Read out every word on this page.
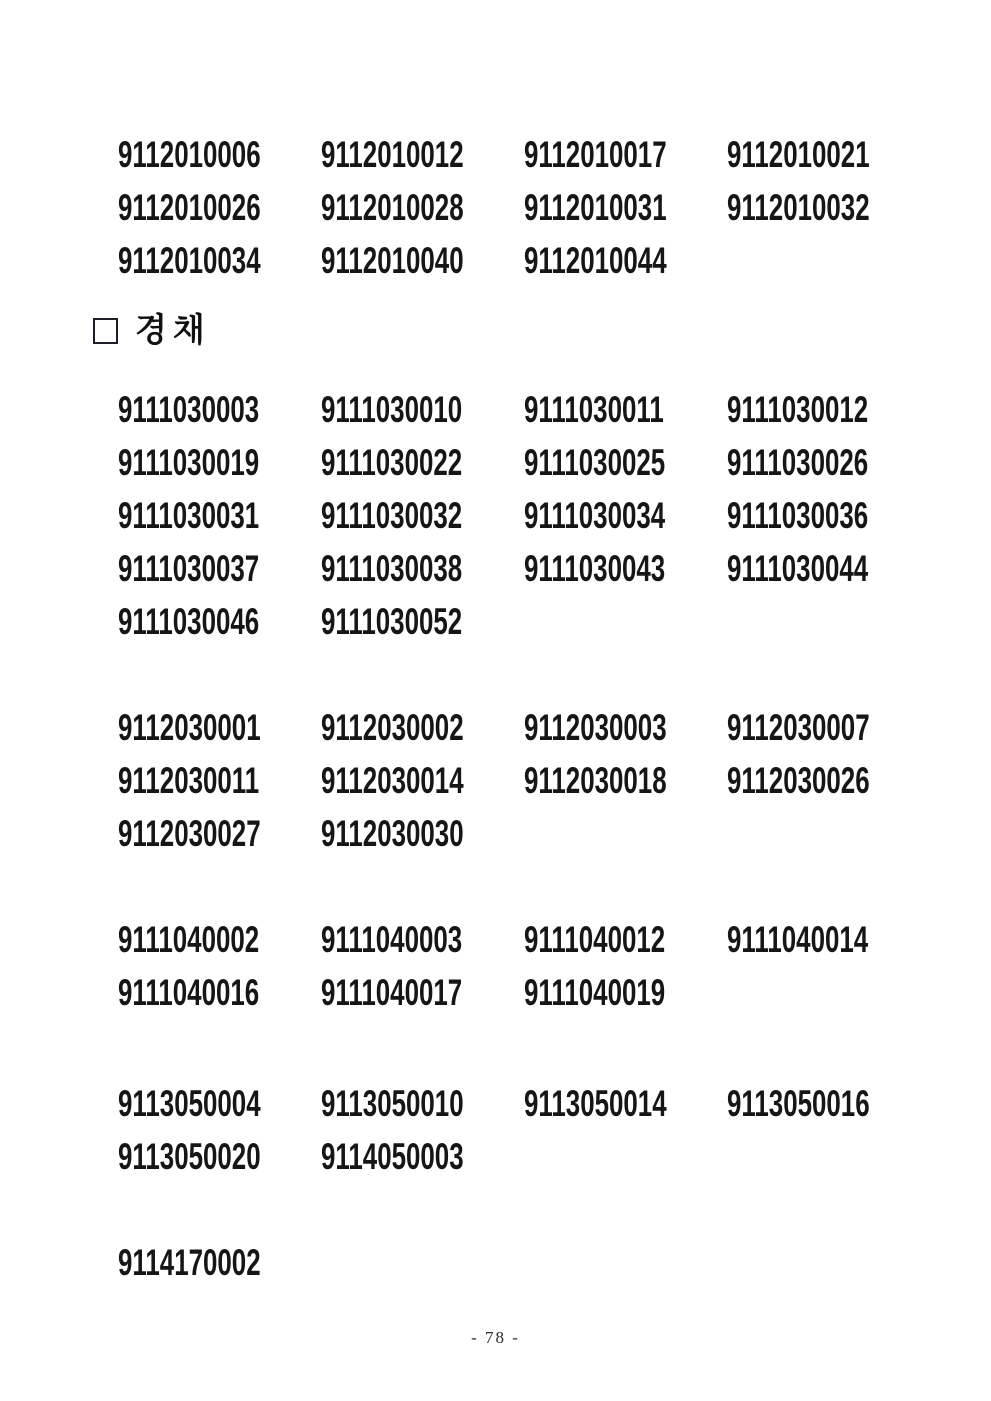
9112010006 9112010012 9112010017 9112010021
9112010026 9112010028 9112010031 9112010032
9112010034 9112010040 9112010044
경채
9111030003 9111030010 9111030011 9111030012
9111030019 9111030022 9111030025 9111030026
9111030031 9111030032 9111030034 9111030036
9111030037 9111030038 9111030043 9111030044
9111030046 9111030052
9112030001 9112030002 9112030003 9112030007
9112030011 9112030014 9112030018 9112030026
9112030027 9112030030
9111040002 9111040003 9111040012 9111040014
9111040016 9111040017 9111040019
9113050004 9113050010 9113050014 9113050016
9113050020 9114050003
9114170002
- 78 -
